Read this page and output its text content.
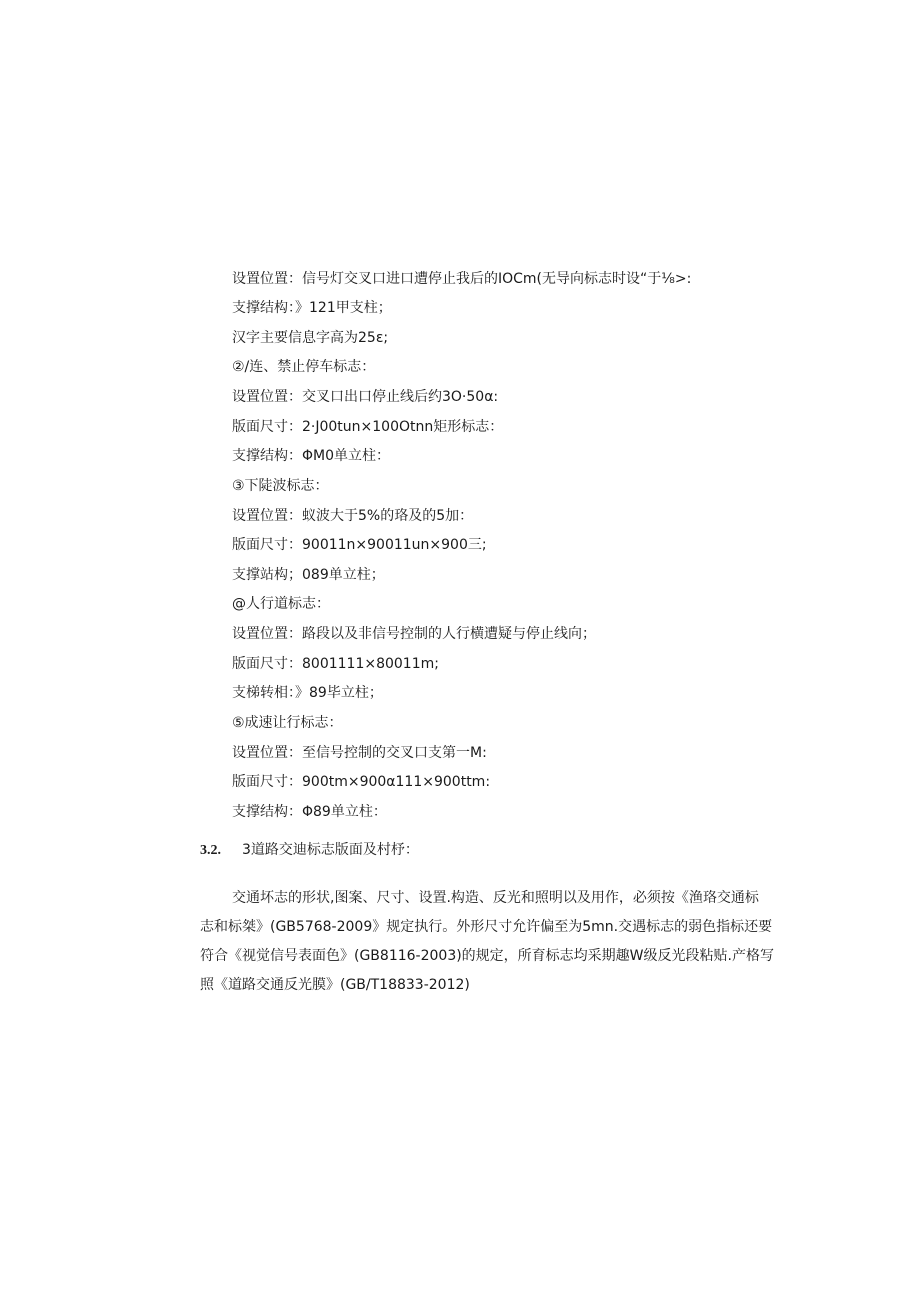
设置位置：信号灯交叉口进口遭停止我后的IOCm(无导向标志时设“于⅛>:
支撑结构：》121甲支柱；
汉字主要信息字高为25ε;
②/连、禁止停车标志：
设置位置：交叉口出口停止线后约3O·50α:
版面尺寸：2·J00tun×100Otnn矩形标志：
支撑结构：ΦM0单立柱：
③下陡波标志：
设置位置：蚁波大于5%的珞及的5加：
版面尺寸：90011n×90011un×900三;
支撑站构；089单立柱；
@人行道标志：
设置位置：路段以及非信号控制的人行横遭疑与停止线向；
版面尺寸：8001111×80011m;
支梯转相：》89毕立柱；
⑤成速让行标志：
设置位置：至信号控制的交叉口支第一M:
版面尺寸：900tm×900α111×900ttm:
支撑结构：Φ89单立柱：
3.2. 3道路交迪标志版面及村杼：
交通坏志的形状,图案、尺寸、设置.构造、反光和照明以及用作，必须按《渔珞交通标
志和标桀》(GB5768-2009》规定执行。外形尺寸允许偏至为5mn.交遇标志的弱色指标还要
符合《视觉信号表面色》(GB8116-2003)的规定，所育标志均采期趣W级反光段粘贴.产格写
照《道路交通反光膜》(GB/T18833-2012)
